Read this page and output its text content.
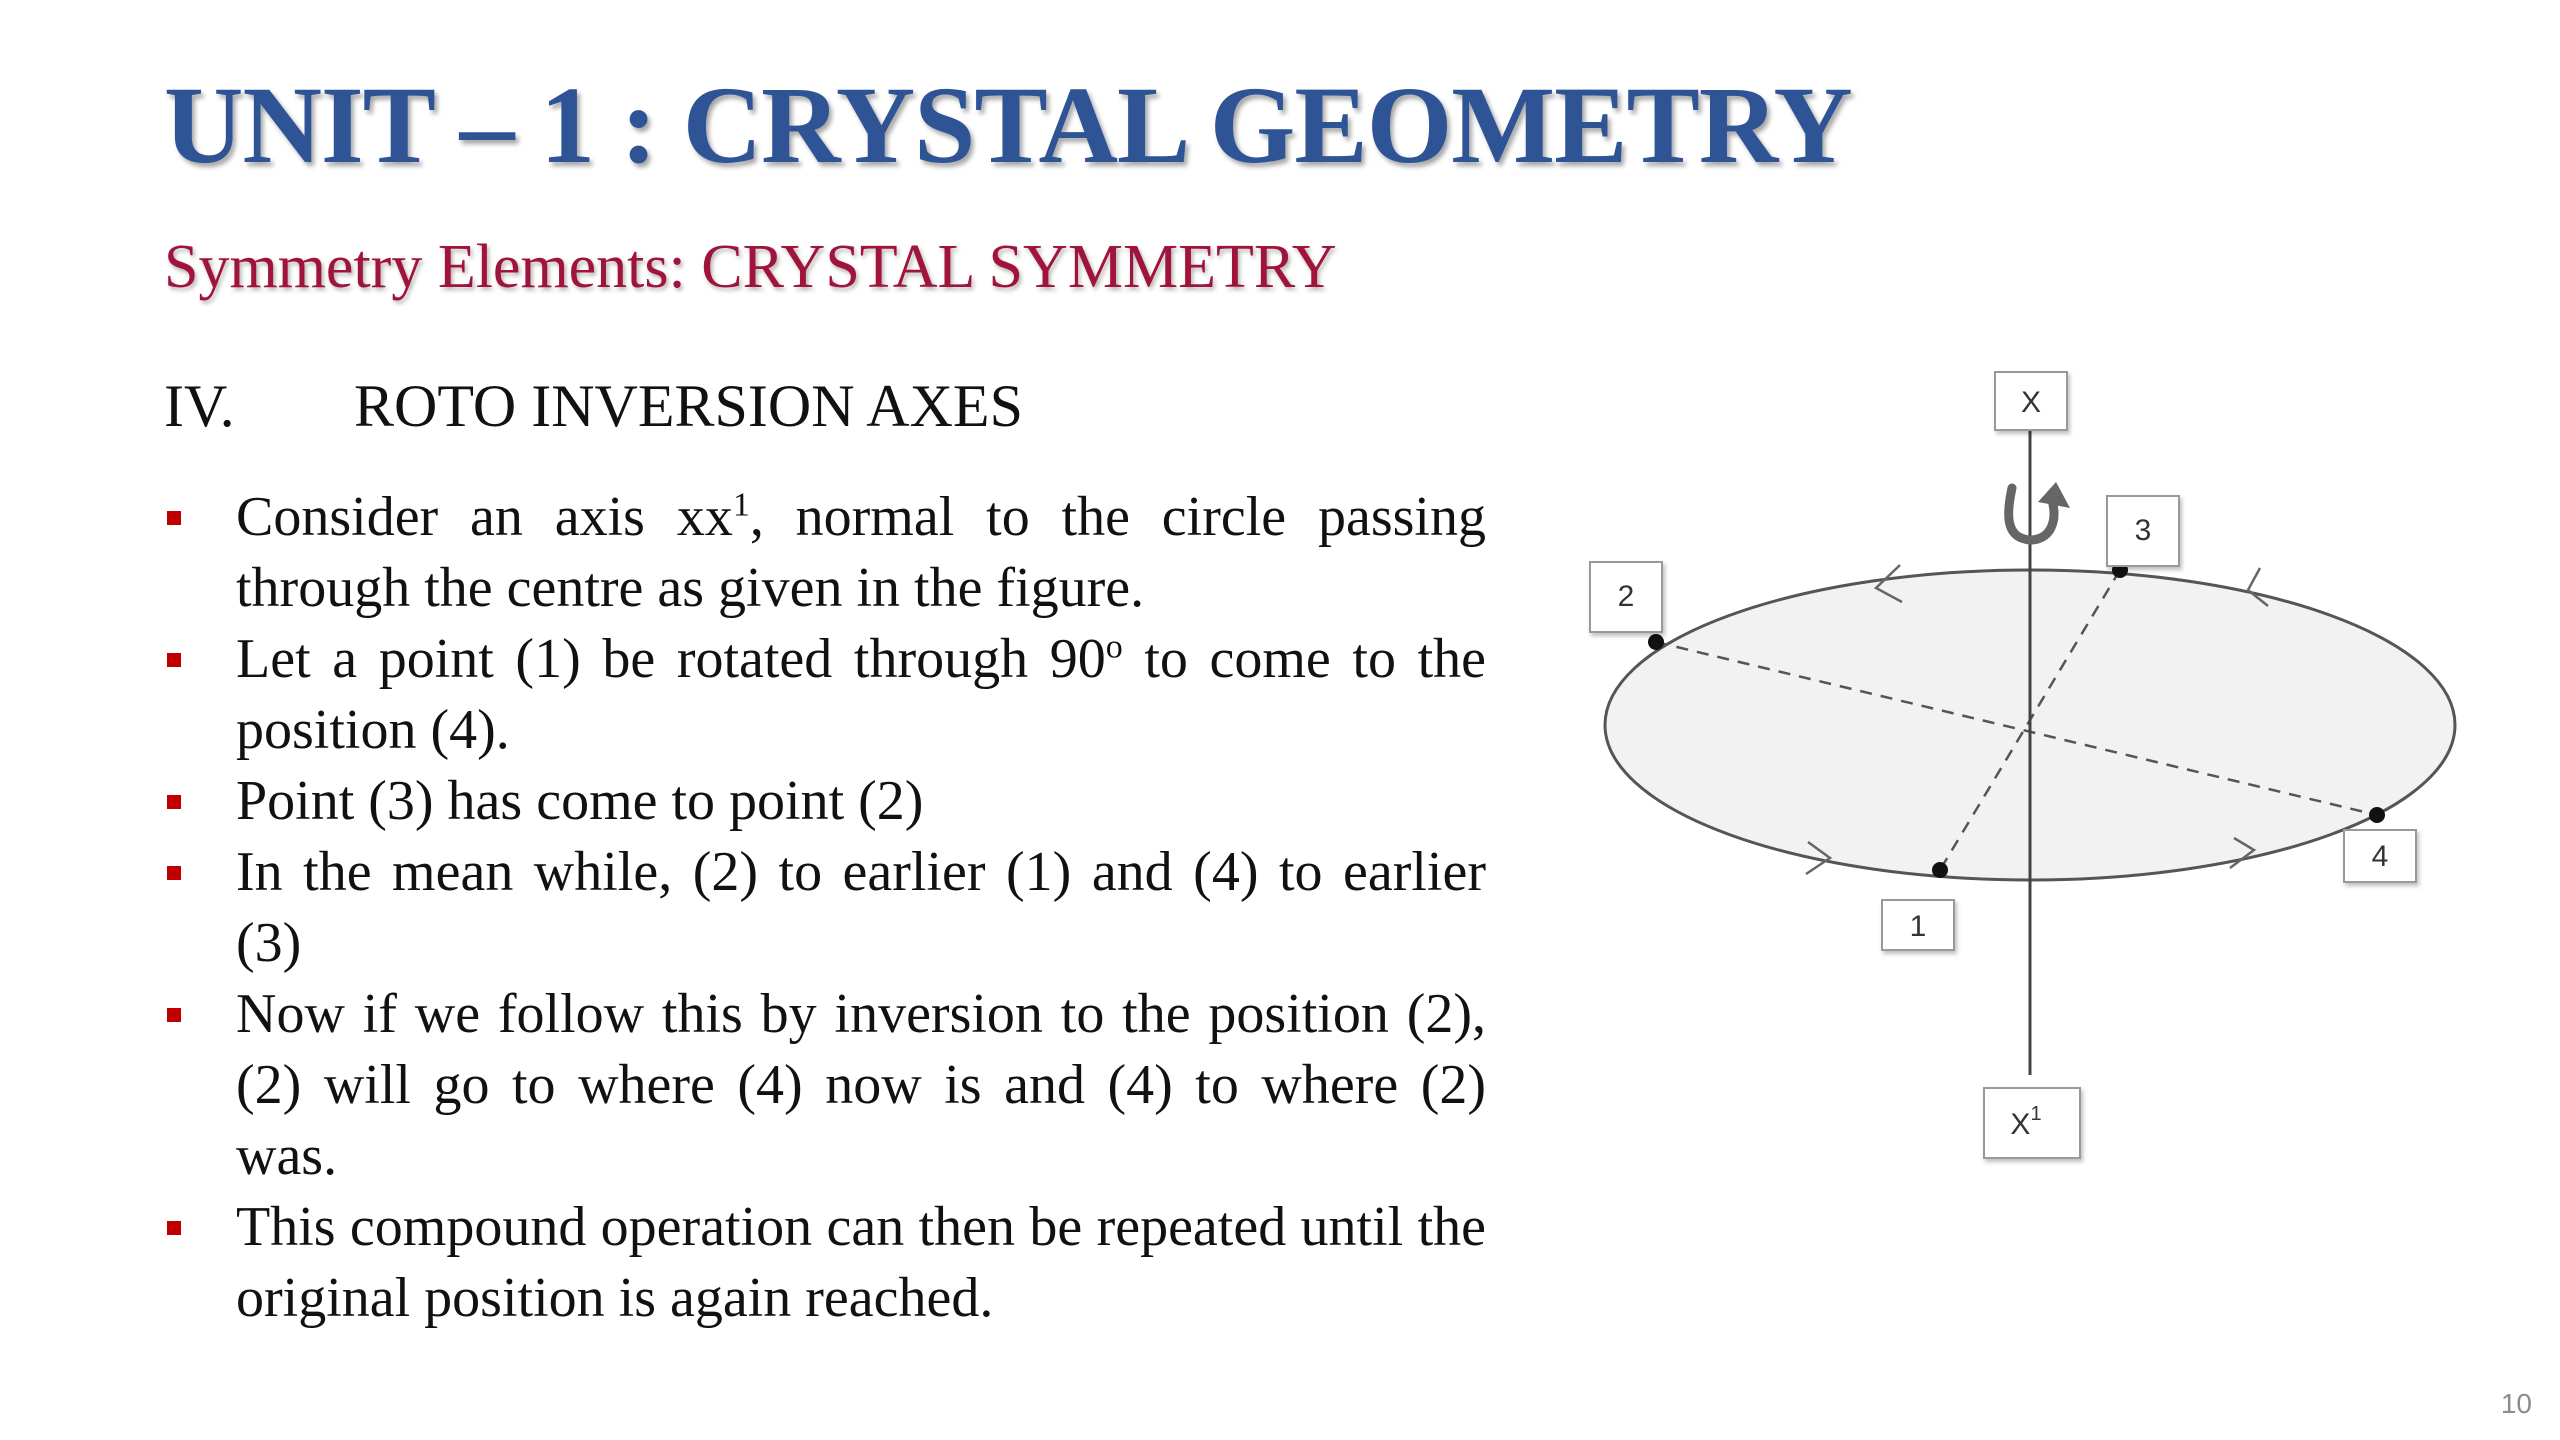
UNIT – 1 : CRYSTAL GEOMETRY
Symmetry Elements: CRYSTAL SYMMETRY
IV. ROTO INVERSION AXES
Consider an axis $xx^1$, normal to the circle passing through the centre as given in the figure.
Let a point (1) be rotated through 90$^o$ to come to the position (4).
Point (3) has come to point (2)
In the mean while, (2) to earlier (1) and (4) to earlier (3)
Now if we follow this by inversion to the position (2), (2) will go to where (4) now is and (4) to where (2) was.
This compound operation can then be repeated until the original position is again reached.
X
3
2
4
1
$X^1$
10
